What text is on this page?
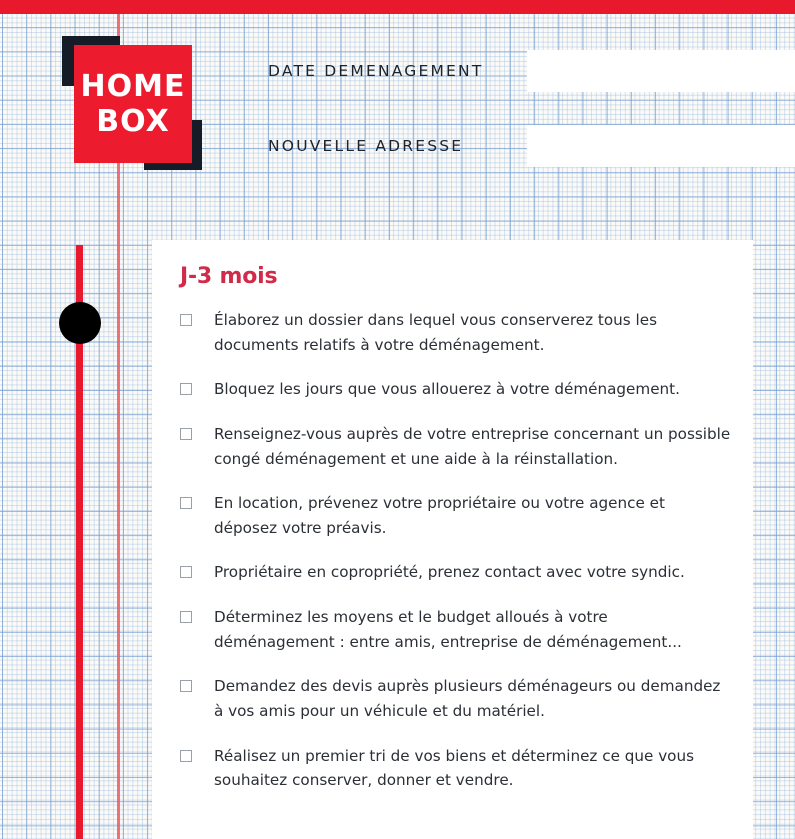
HOME
BOX
DATE DEMENAGEMENT
NOUVELLE ADRESSE
J-3 mois
Élaborez un dossier dans lequel vous conserverez tous les documents relatifs à votre déménagement.
Bloquez les jours que vous allouerez à votre déménagement.
Renseignez-vous auprès de votre entreprise concernant un possible congé déménagement et une aide à la réinstallation.
En location, prévenez votre propriétaire ou votre agence et déposez votre préavis.
Propriétaire en copropriété, prenez contact avec votre syndic.
Déterminez les moyens et le budget alloués à votre déménagement : entre amis, entreprise de déménagement...
Demandez des devis auprès plusieurs déménageurs ou demandez à vos amis pour un véhicule et du matériel.
Réalisez un premier tri de vos biens et déterminez ce que vous souhaitez conserver, donner et vendre.
